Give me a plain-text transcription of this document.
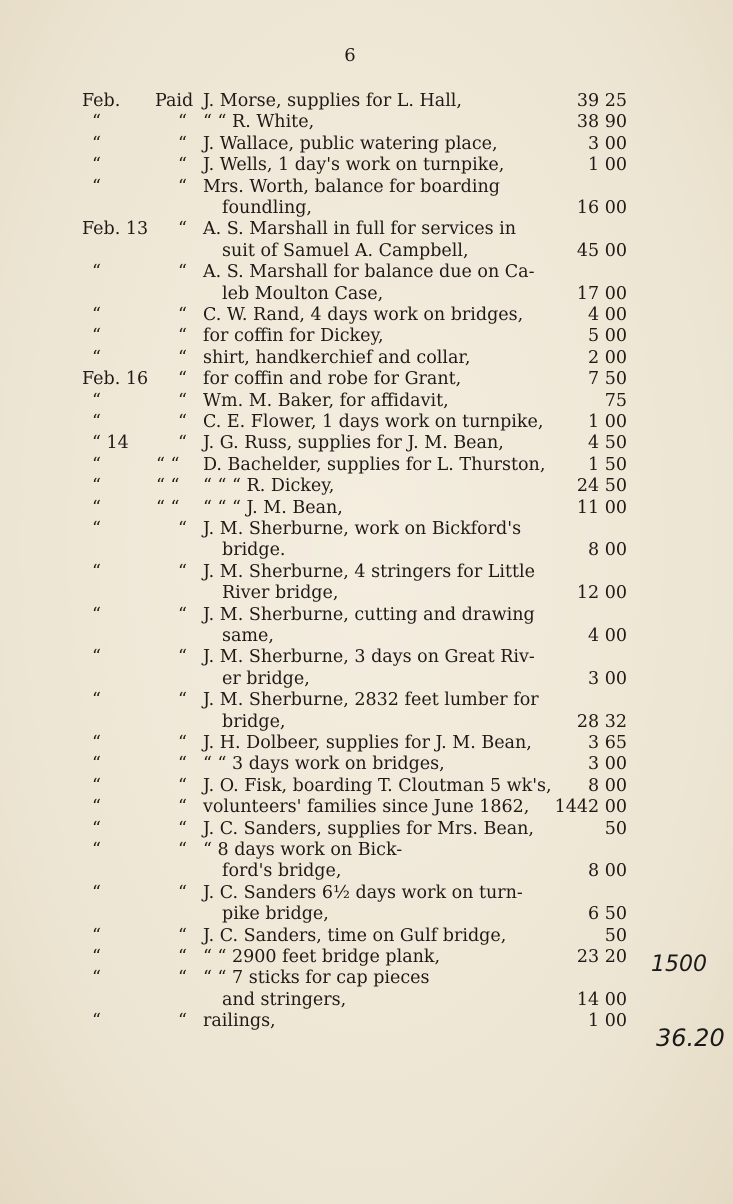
6
Feb. Paid J. Morse, supplies for L. Hall,	39 25
“	“ “ “ R. White,	38 90
“	“ J. Wallace, public watering place,	3 00
“	“ J. Wells, 1 day's work on turnpike,	1 00
“	“ Mrs. Worth, balance for boarding
foundling,	16 00
Feb. 13 “ A. S. Marshall in full for services in
suit of Samuel A. Campbell,	45 00
“	“ A. S. Marshall for balance due on Ca-
leb Moulton Case,	17 00
“	“ C. W. Rand, 4 days work on bridges,	4 00
“	“ for coffin for Dickey,	5 00
“	“ shirt, handkerchief and collar,	2 00
Feb. 16 “ for coffin and robe for Grant,	7 50
“	“ Wm. M. Baker, for affidavit,	75
“	“ C. E. Flower, 1 days work on turnpike,	1 00
“ 14	“ J. G. Russ, supplies for J. M. Bean,	4 50
“	“ “ D. Bachelder, supplies for L. Thurston, 1 50
“	“ “ “ “ “ R. Dickey,	24 50
“	“ “ “ “ “ J. M. Bean,	11 00
“	“ J. M. Sherburne, work on Bickford's
bridge.	8 00
“	“ J. M. Sherburne, 4 stringers for Little
River bridge,	12 00
“	“ J. M. Sherburne, cutting and drawing
same,	4 00
“	“ J. M. Sherburne, 3 days on Great Riv-
er bridge,	3 00
“	“ J. M. Sherburne, 2832 feet lumber for
bridge,	28 32
“	“ J. H. Dolbeer, supplies for J. M. Bean,	3 65
“	“ “ “ 3 days work on bridges,	3 00
“	“ J. O. Fisk, boarding T. Cloutman 5 wk's, 8 00
“	“ volunteers' families since June 1862, 1442 00
“	“ J. C. Sanders, supplies for Mrs. Bean,	50
“	“ “ 8 days work on Bick-
ford's bridge,	8 00
“	“ J. C. Sanders 6½ days work on turn-
pike bridge,	6 50
“	“ J. C. Sanders, time on Gulf bridge,	50
“	“ “ “ 2900 feet bridge plank,	23 20
“	“ “ “ 7 sticks for cap pieces
and stringers,	14 00
“	“ railings,	1 00
1500
36.20
